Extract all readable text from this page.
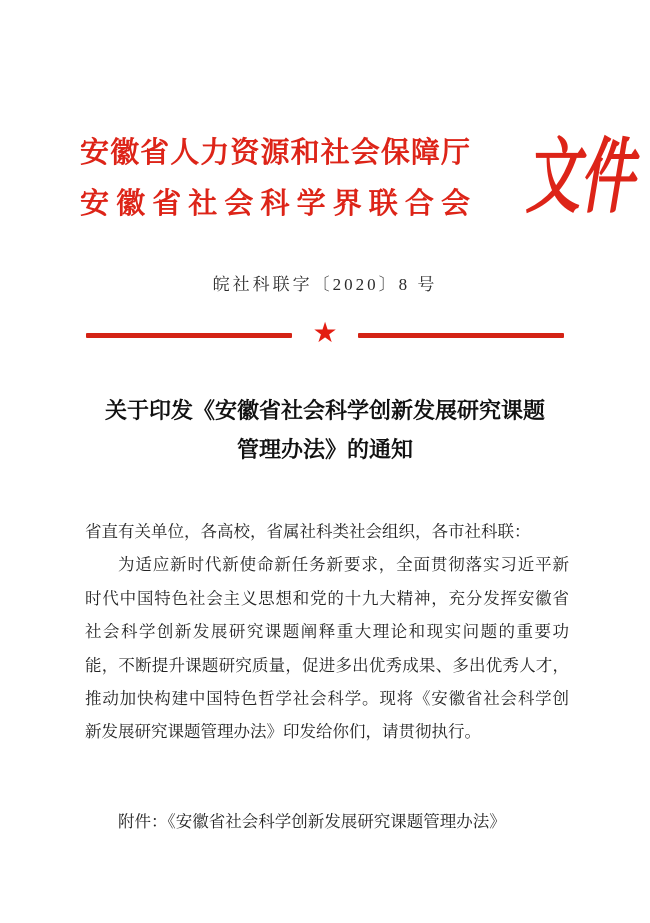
安徽省人力资源和社会保障厅
安徽省社会科学界联合会 文件
皖社科联字〔2020〕8 号
★
关于印发《安徽省社会科学创新发展研究课题
管理办法》的通知
省直有关单位，各高校，省属社科类社会组织，各市社科联：
为适应新时代新使命新任务新要求，全面贯彻落实习近平新
时代中国特色社会主义思想和党的十九大精神，充分发挥安徽省
社会科学创新发展研究课题阐释重大理论和现实问题的重要功
能，不断提升课题研究质量，促进多出优秀成果、多出优秀人才，
推动加快构建中国特色哲学社会科学。现将《安徽省社会科学创
新发展研究课题管理办法》印发给你们，请贯彻执行。
附件：《安徽省社会科学创新发展研究课题管理办法》
